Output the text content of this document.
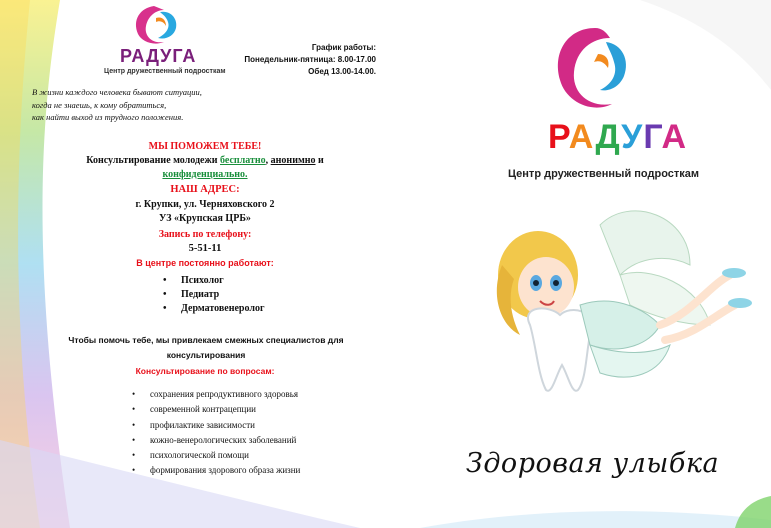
РАДУГА
Центр дружественный подросткам
График работы:
Понедельник-пятница: 8.00-17.00
Обед 13.00-14.00.
В жизни каждого человека бывают ситуации,
когда не знаешь, к кому обратиться,
как найти выход из трудного положения.
МЫ ПОМОЖЕМ ТЕБЕ!
Консультирование молодежи бесплатно, анонимно и
конфиденциально.
НАШ АДРЕС:
г. Крупки, ул. Черняховского 2
УЗ «Крупская ЦРБ»
Запись по телефону:
5-51-11
В центре постоянно работают:
• Психолог
• Педиатр
• Дерматовенеролог
Чтобы помочь тебе, мы привлекаем смежных специалистов для
консультирования
Консультирование по вопросам:
• сохранения репродуктивного здоровья
• современной контрацепции
• профилактике зависимости
• кожно-венерологических заболеваний
• психологической помощи
• формирования здорового образа жизни
РАДУГА
Центр дружественный подросткам
Здоровая улыбка
